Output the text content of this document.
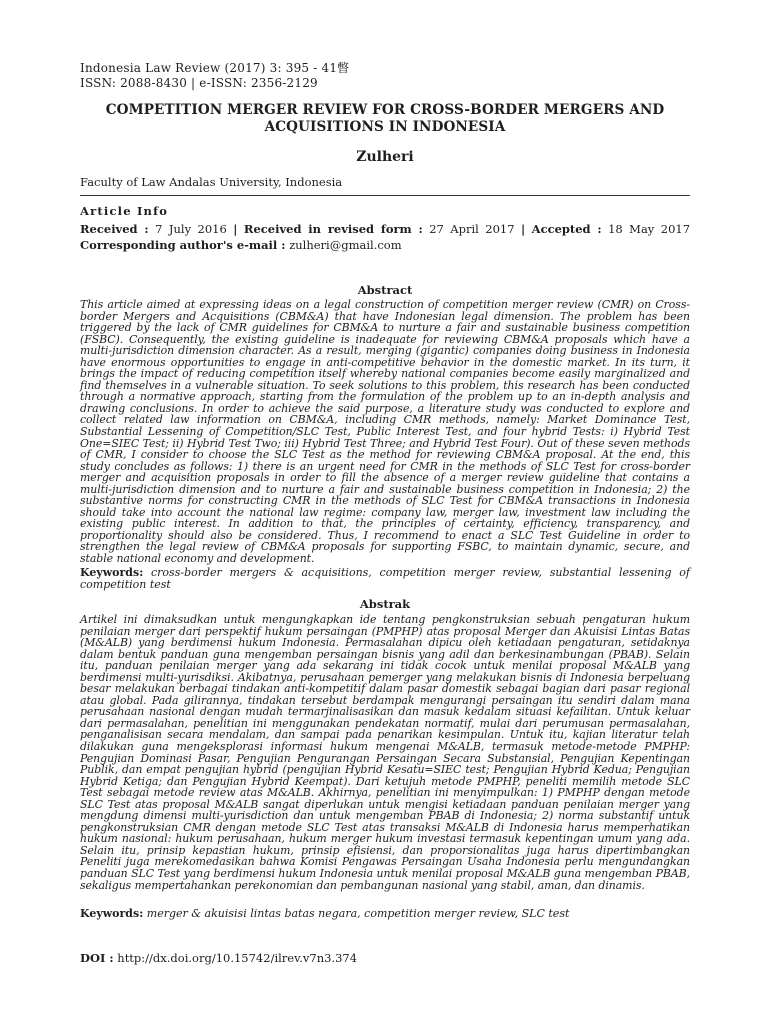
Indonesia Law Review (2017) 3: 395 - 41暼
ISSN: 2088-8430 | e-ISSN: 2356-2129
COMPETITION MERGER REVIEW FOR CROSS-BORDER MERGERS AND ACQUISITIONS IN INDONESIA
Zulheri
Faculty of Law Andalas University, Indonesia
Article Info
Received : 7 July 2016 | Received in revised form : 27 April 2017 | Accepted : 18 May 2017
Corresponding author's e-mail : zulheri@gmail.com
Abstract
This article aimed at expressing ideas on a legal construction of competition merger review (CMR) on Cross-border Mergers and Acquisitions (CBM&A) that have Indonesian legal dimension. The problem has been triggered by the lack of CMR guidelines for CBM&A to nurture a fair and sustainable business competition (FSBC). Consequently, the existing guideline is inadequate for reviewing CBM&A proposals which have a multi-jurisdiction dimension character. As a result, merging (gigantic) companies doing business in Indonesia have enormous opportunities to engage in anti-competitive behavior in the domestic market. In its turn, it brings the impact of reducing competition itself whereby national companies become easily marginalized and find themselves in a vulnerable situation. To seek solutions to this problem, this research has been conducted through a normative approach, starting from the formulation of the problem up to an in-depth analysis and drawing conclusions. In order to achieve the said purpose, a literature study was conducted to explore and collect related law information on CBM&A, including CMR methods, namely: Market Dominance Test, Substantial Lessening of Competition/SLC Test, Public Interest Test, and four hybrid Tests: i) Hybrid Test One=SIEC Test; ii) Hybrid Test Two; iii) Hybrid Test Three; and Hybrid Test Four). Out of these seven methods of CMR, I consider to choose the SLC Test as the method for reviewing CBM&A proposal. At the end, this study concludes as follows: 1) there is an urgent need for CMR in the methods of SLC Test for cross-border merger and acquisition proposals in order to fill the absence of a merger review guideline that contains a multi-jurisdiction dimension and to nurture a fair and sustainable business competition in Indonesia; 2) the substantive norms for constructing CMR in the methods of SLC Test for CBM&A transactions in Indonesia should take into account the national law regime: company law, merger law, investment law including the existing public interest. In addition to that, the principles of certainty, efficiency, transparency, and proportionality should also be considered. Thus, I recommend to enact a SLC Test Guideline in order to strengthen the legal review of CBM&A proposals for supporting FSBC, to maintain dynamic, secure, and stable national economy and development.
Keywords: cross-border mergers & acquisitions, competition merger review, substantial lessening of competition test
Abstrak
Artikel ini dimaksudkan untuk mengungkapkan ide tentang pengkonstruksian sebuah pengaturan hukum penilaian merger dari perspektif hukum persaingan (PMPHP) atas proposal Merger dan Akuisisi Lintas Batas (M&ALB) yang berdimensi hukum Indonesia. Permasalahan dipicu oleh ketiadaan pengaturan, setidaknya dalam bentuk panduan guna mengemban persaingan bisnis yang adil dan berkesinambungan (PBAB). Selain itu, panduan penilaian merger yang ada sekarang ini tidak cocok untuk menilai proposal M&ALB yang berdimensi multi-yurisdiksi. Akibatnya, perusahaan pemerger yang melakukan bisnis di Indonesia berpeluang besar melakukan berbagai tindakan anti-kompetitif dalam pasar domestik sebagai bagian dari pasar regional atau global. Pada gilirannya, tindakan tersebut berdampak mengurangi persaingan itu sendiri dalam mana perusahaan nasional dengan mudah termarjinalisasikan dan masuk kedalam situasi kefailitan. Untuk keluar dari permasalahan, penelitian ini menggunakan pendekatan normatif, mulai dari perumusan permasalahan, penganalisisan secara mendalam, dan sampai pada penarikan kesimpulan. Untuk itu, kajian literatur telah dilakukan guna mengeksplorasi informasi hukum mengenai M&ALB, termasuk metode-metode PMPHP: Pengujian Dominasi Pasar, Pengujian Pengurangan Persaingan Secara Substansial, Pengujian Kepentingan Publik, dan empat pengujian hybrid (pengujian Hybrid Kesatu=SIEC test; Pengujian Hybrid Kedua; Pengujian Hybrid Ketiga; dan Pengujian Hybrid Keempat). Dari ketujuh metode PMPHP, peneliti memilih metode SLC Test sebagai metode review atas M&ALB. Akhirnya, penelitian ini menyimpulkan: 1) PMPHP dengan metode SLC Test atas proposal M&ALB sangat diperlukan untuk mengisi ketiadaan panduan penilaian merger yang mengdung dimensi multi-yurisdiction dan untuk mengemban PBAB di Indonesia; 2) norma substantif untuk pengkonstruksian CMR dengan metode SLC Test atas transaksi M&ALB di Indonesia harus memperhatikan hukum nasional: hukum perusahaan, hukum merger hukum investasi termasuk kepentingan umum yang ada. Selain itu, prinsip kepastian hukum, prinsip efisiensi, dan proporsionalitas juga harus dipertimbangkan Peneliti juga merekomedasikan bahwa Komisi Pengawas Persaingan Usaha Indonesia perlu mengundangkan panduan SLC Test yang berdimensi hukum Indonesia untuk menilai proposal M&ALB guna mengemban PBAB, sekaligus mempertahankan perekonomian dan pembangunan nasional yang stabil, aman, dan dinamis.
Keywords: merger & akuisisi lintas batas negara, competition merger review, SLC test
DOI : http://dx.doi.org/10.15742/ilrev.v7n3.374
